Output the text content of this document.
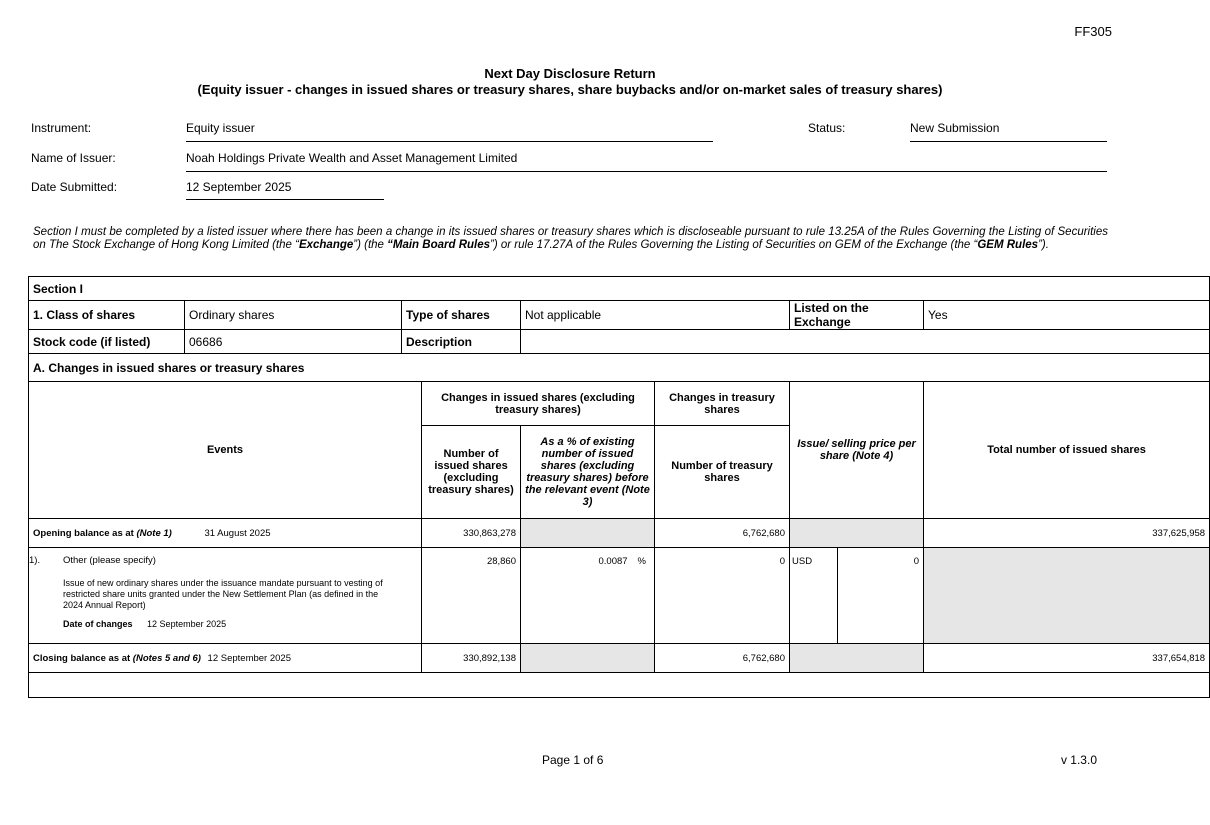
FF305
Next Day Disclosure Return
(Equity issuer - changes in issued shares or treasury shares, share buybacks and/or on-market sales of treasury shares)
Instrument:	Equity issuer	Status:	New Submission
Name of Issuer:	Noah Holdings Private Wealth and Asset Management Limited
Date Submitted:	12 September 2025
Section I must be completed by a listed issuer where there has been a change in its issued shares or treasury shares which is discloseable pursuant to rule 13.25A of the Rules Governing the Listing of Securities on The Stock Exchange of Hong Kong Limited (the “Exchange”) (the “Main Board Rules”) or rule 17.27A of the Rules Governing the Listing of Securities on GEM of the Exchange (the “GEM Rules”).
Section I								
1. Class of shares	Ordinary shares	Type of shares		Not applicable		Listed on the Exchange		Yes
Stock code (if listed)	06686	Description						
A. Changes in issued shares or treasury shares								
Events			Changes in issued shares (excluding treasury shares)		Changes in treasury shares	Issue/ selling price per share (Note 4)		Total number of issued shares
			Number of issued shares (excluding treasury shares)	As a % of existing number of issued shares (excluding treasury shares) before the relevant event (Note 3)	Number of treasury shares			
Opening balance as at (Note 1) 31 August 2025			330,863,278		6,762,680			337,625,958

1). Other (please specify)
Issue of new ordinary shares under the issuance mandate pursuant to vesting of restricted share units granted under the New Settlement Plan (as defined in the 2024 Annual Report)
Date of changes 12 September 2025			28,860	0.0087 %	0	USD	0	
Closing balance as at (Notes 5 and 6) 12 September 2025			330,892,138		6,762,680			337,654,818

Page 1 of 6	v 1.3.0
